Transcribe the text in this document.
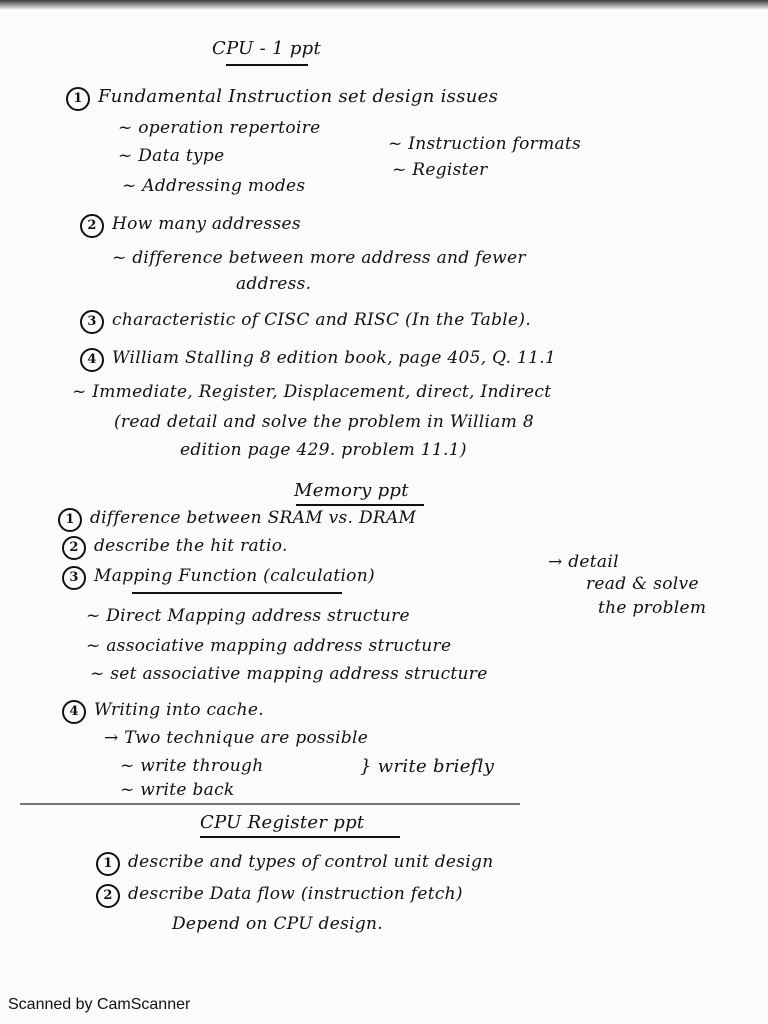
CPU - 1 ppt
1 Fundamental Instruction set design issues
~ operation repertoire
~ Data type
~ Addressing modes
~ Instruction formats
~ Register
2 How many addresses
~ difference between more address and fewer
address.
3 characteristic of CISC and RISC (In the Table).
4 William Stalling 8 edition book, page 405, Q. 11.1
~ Immediate, Register, Displacement, direct, Indirect
(read detail and solve the problem in William 8
edition page 429. problem 11.1)
Memory ppt
1 difference between SRAM vs. DRAM
2 describe the hit ratio.
3 Mapping Function (calculation)
→ detail
read & solve
the problem
~ Direct Mapping address structure
~ associative mapping address structure
~ set associative mapping address structure
4 Writing into cache.
→ Two technique are possible
~ write through
~ write back
} write briefly
CPU Register ppt
1 describe and types of control unit design
2 describe Data flow (instruction fetch)
Depend on CPU design.
Scanned by CamScanner
